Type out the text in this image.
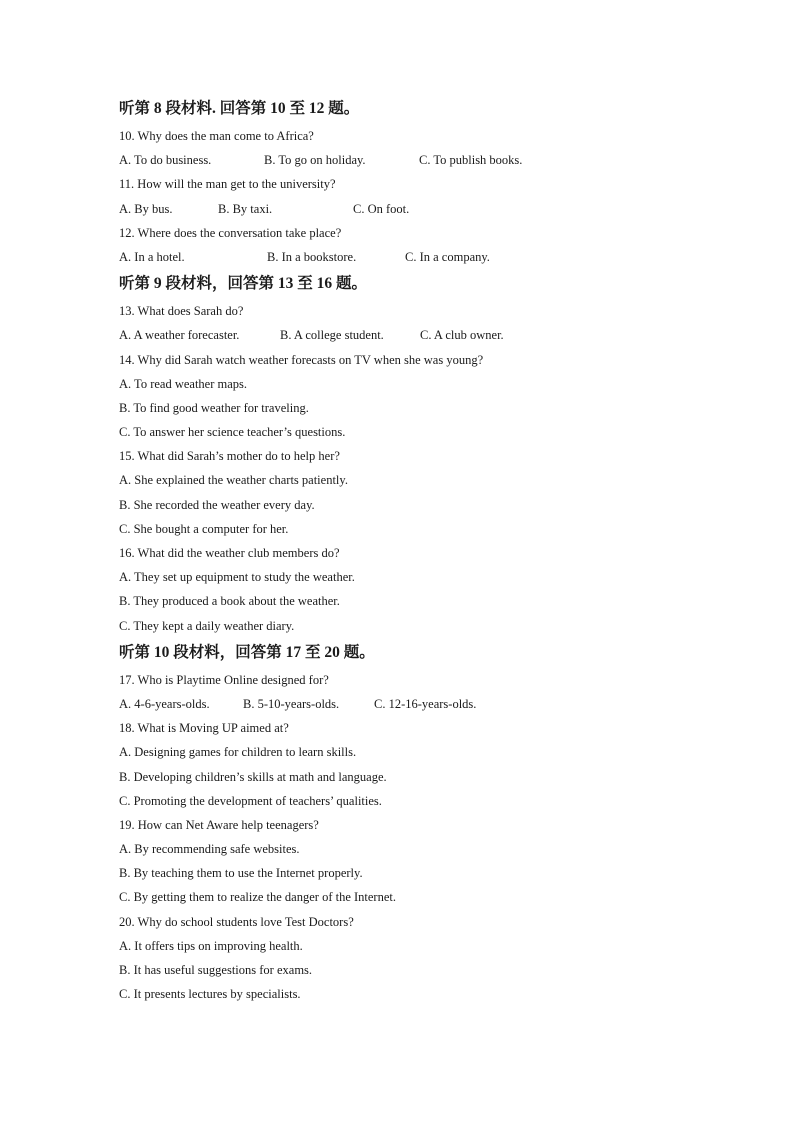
听第 8 段材料. 回答第 10 至 12 题。
10. Why does the man come to Africa?
A. To do business.	B. To go on holiday.	C. To publish books.
11. How will the man get to the university?
A. By bus.	B. By taxi.	C. On foot.
12. Where does the conversation take place?
A. In a hotel.	B. In a bookstore.	C. In a company.
听第 9 段材料，回答第 13 至 16 题。
13. What does Sarah do?
A. A weather forecaster.	B. A college student.	C. A club owner.
14. Why did Sarah watch weather forecasts on TV when she was young?
A. To read weather maps.
B. To find good weather for traveling.
C. To answer her science teacher’s questions.
15. What did Sarah’s mother do to help her?
A. She explained the weather charts patiently.
B. She recorded the weather every day.
C. She bought a computer for her.
16. What did the weather club members do?
A. They set up equipment to study the weather.
B. They produced a book about the weather.
C. They kept a daily weather diary.
听第 10 段材料，回答第 17 至 20 题。
17. Who is Playtime Online designed for?
A. 4-6-years-olds.	B. 5-10-years-olds.	C. 12-16-years-olds.
18. What is Moving UP aimed at?
A. Designing games for children to learn skills.
B. Developing children’s skills at math and language.
C. Promoting the development of teachers’ qualities.
19. How can Net Aware help teenagers?
A. By recommending safe websites.
B. By teaching them to use the Internet properly.
C. By getting them to realize the danger of the Internet.
20. Why do school students love Test Doctors?
A. It offers tips on improving health.
B. It has useful suggestions for exams.
C. It presents lectures by specialists.
